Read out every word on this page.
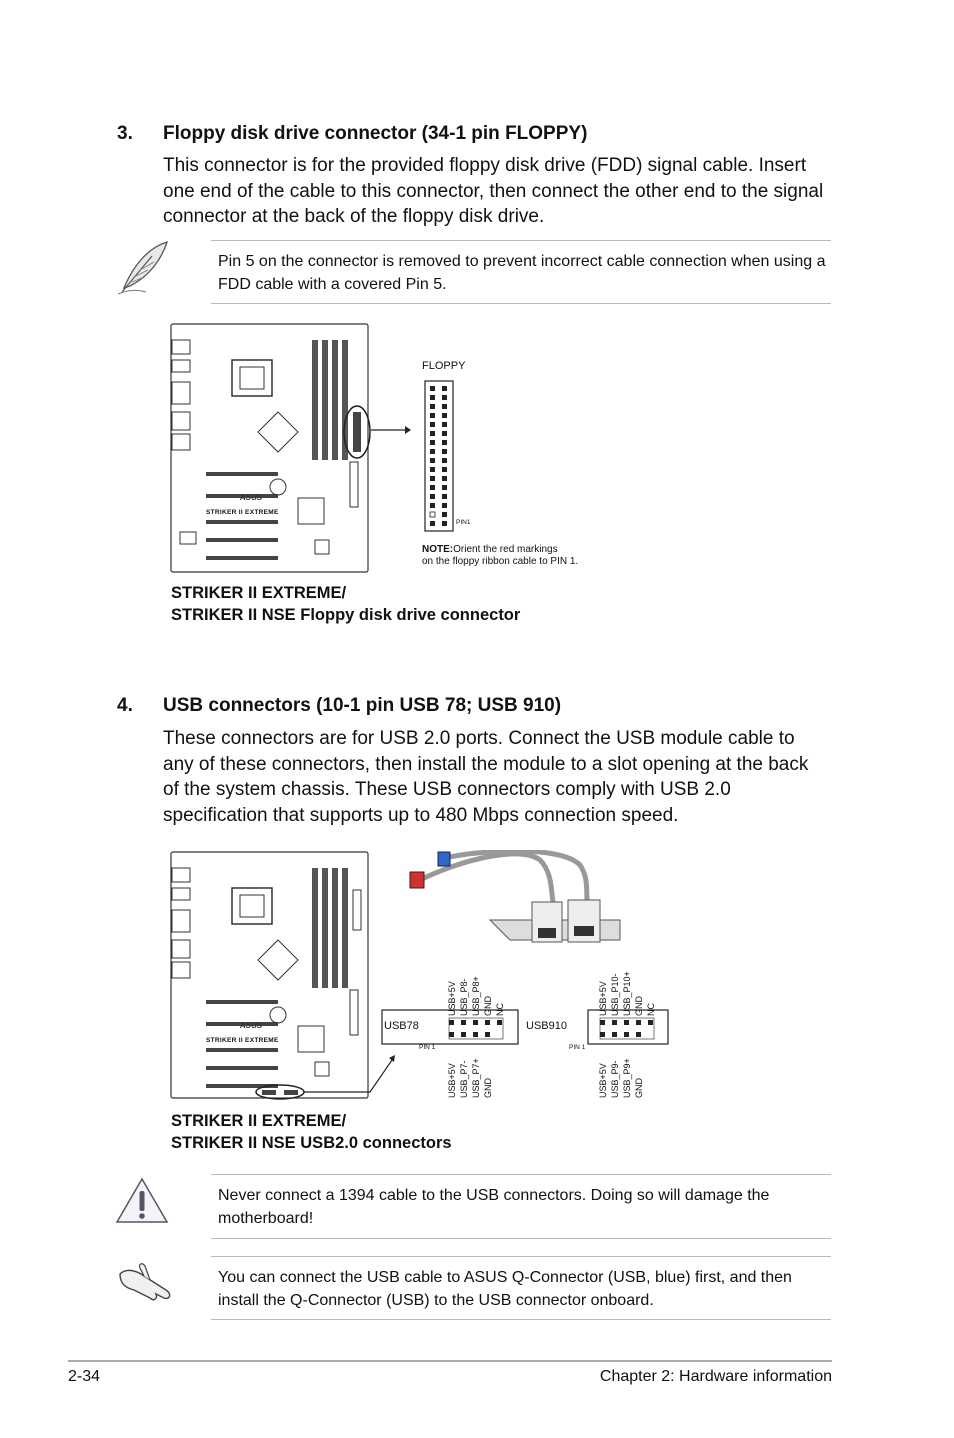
3. Floppy disk drive connector (34-1 pin FLOPPY)
This connector is for the provided floppy disk drive (FDD) signal cable. Insert one end of the cable to this connector, then connect the other end to the signal connector at the back of the floppy disk drive.
Pin 5 on the connector is removed to prevent incorrect cable connection when using a FDD cable with a covered Pin 5.
ASUS
STRIKER II EXTREME
FLOPPY
PIN1
NOTE:Orient the red markings
on the floppy ribbon cable to PIN 1.
STRIKER II EXTREME/
STRIKER II NSE Floppy disk drive connector
4. USB connectors (10-1 pin USB 78; USB 910)
These connectors are for USB 2.0 ports. Connect the USB module cable to any of these connectors, then install the module to a slot opening at the back of the system chassis. These USB connectors comply with USB 2.0 specification that supports up to 480 Mbps connection speed.
ASUS
STRIKER II EXTREME
USB78
PIN 1
USB+5V USB_P8- USB_P8+ GND NC
USB+5V USB_P7- USB_P7+ GND
USB910
PIN 1
USB+5V USB_P10- USB_P10+ GND NC
USB+5V USB_P9- USB_P9+ GND
STRIKER II EXTREME/
STRIKER II NSE USB2.0 connectors
Never connect a 1394 cable to the USB connectors. Doing so will damage the motherboard!
You can connect the USB cable to ASUS Q-Connector (USB, blue) first, and then install the Q-Connector (USB) to the USB connector onboard.
2-34	Chapter 2: Hardware information
